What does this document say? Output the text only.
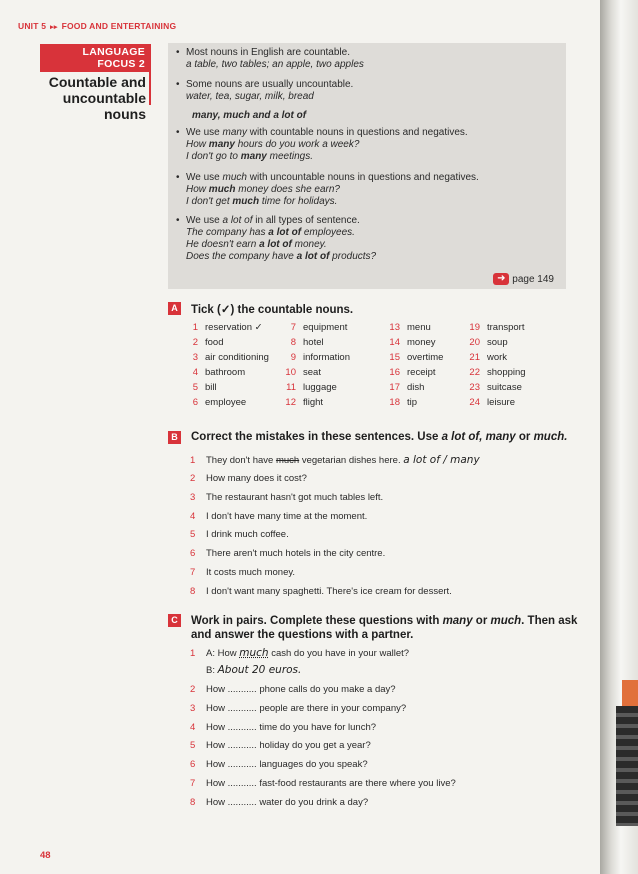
UNIT 5 ▸▸ FOOD AND ENTERTAINING
LANGUAGE FOCUS 2
Countable and
uncountable
nouns
• Most nouns in English are countable.
a table, two tables; an apple, two apples
• Some nouns are usually uncountable.
water, tea, sugar, milk, bread
many, much and a lot of
• We use many with countable nouns in questions and negatives.
How many hours do you work a week?
I don't go to many meetings.
• We use much with uncountable nouns in questions and negatives.
How much money does she earn?
I don't get much time for holidays.
• We use a lot of in all types of sentence.
The company has a lot of employees.
He doesn't earn a lot of money.
Does the company have a lot of products?
➜ page 149
A Tick (✓) the countable nouns.
B Correct the mistakes in these sentences. Use a lot of, many or much.
1 They don't have much vegetarian dishes here. a lot of / many
C Work in pairs. Complete these questions with many or much. Then ask
and answer the questions with a partner.
1 A: How much cash do you have in your wallet?
B: About 20 euros.
48
1 reservation ✓
2 food
3 air conditioning
4 bathroom
5 bill
6 employee
7 equipment
8 hotel
9 information
10 seat
11 luggage
12 flight
13 menu
14 money
15 overtime
16 receipt
17 dish
18 tip
19 transport
20 soup
21 work
22 shopping
23 suitcase
24 leisure
2 How many does it cost?
3 The restaurant hasn't got much tables left.
4 I don't have many time at the moment.
5 I drink much coffee.
6 There aren't much hotels in the city centre.
7 It costs much money.
8 I don't want many spaghetti. There's ice cream for dessert.
2 How ........... phone calls do you make a day?
3 How ........... people are there in your company?
4 How ........... time do you have for lunch?
5 How ........... holiday do you get a year?
6 How ........... languages do you speak?
7 How ........... fast-food restaurants are there where you live?
8 How ........... water do you drink a day?
